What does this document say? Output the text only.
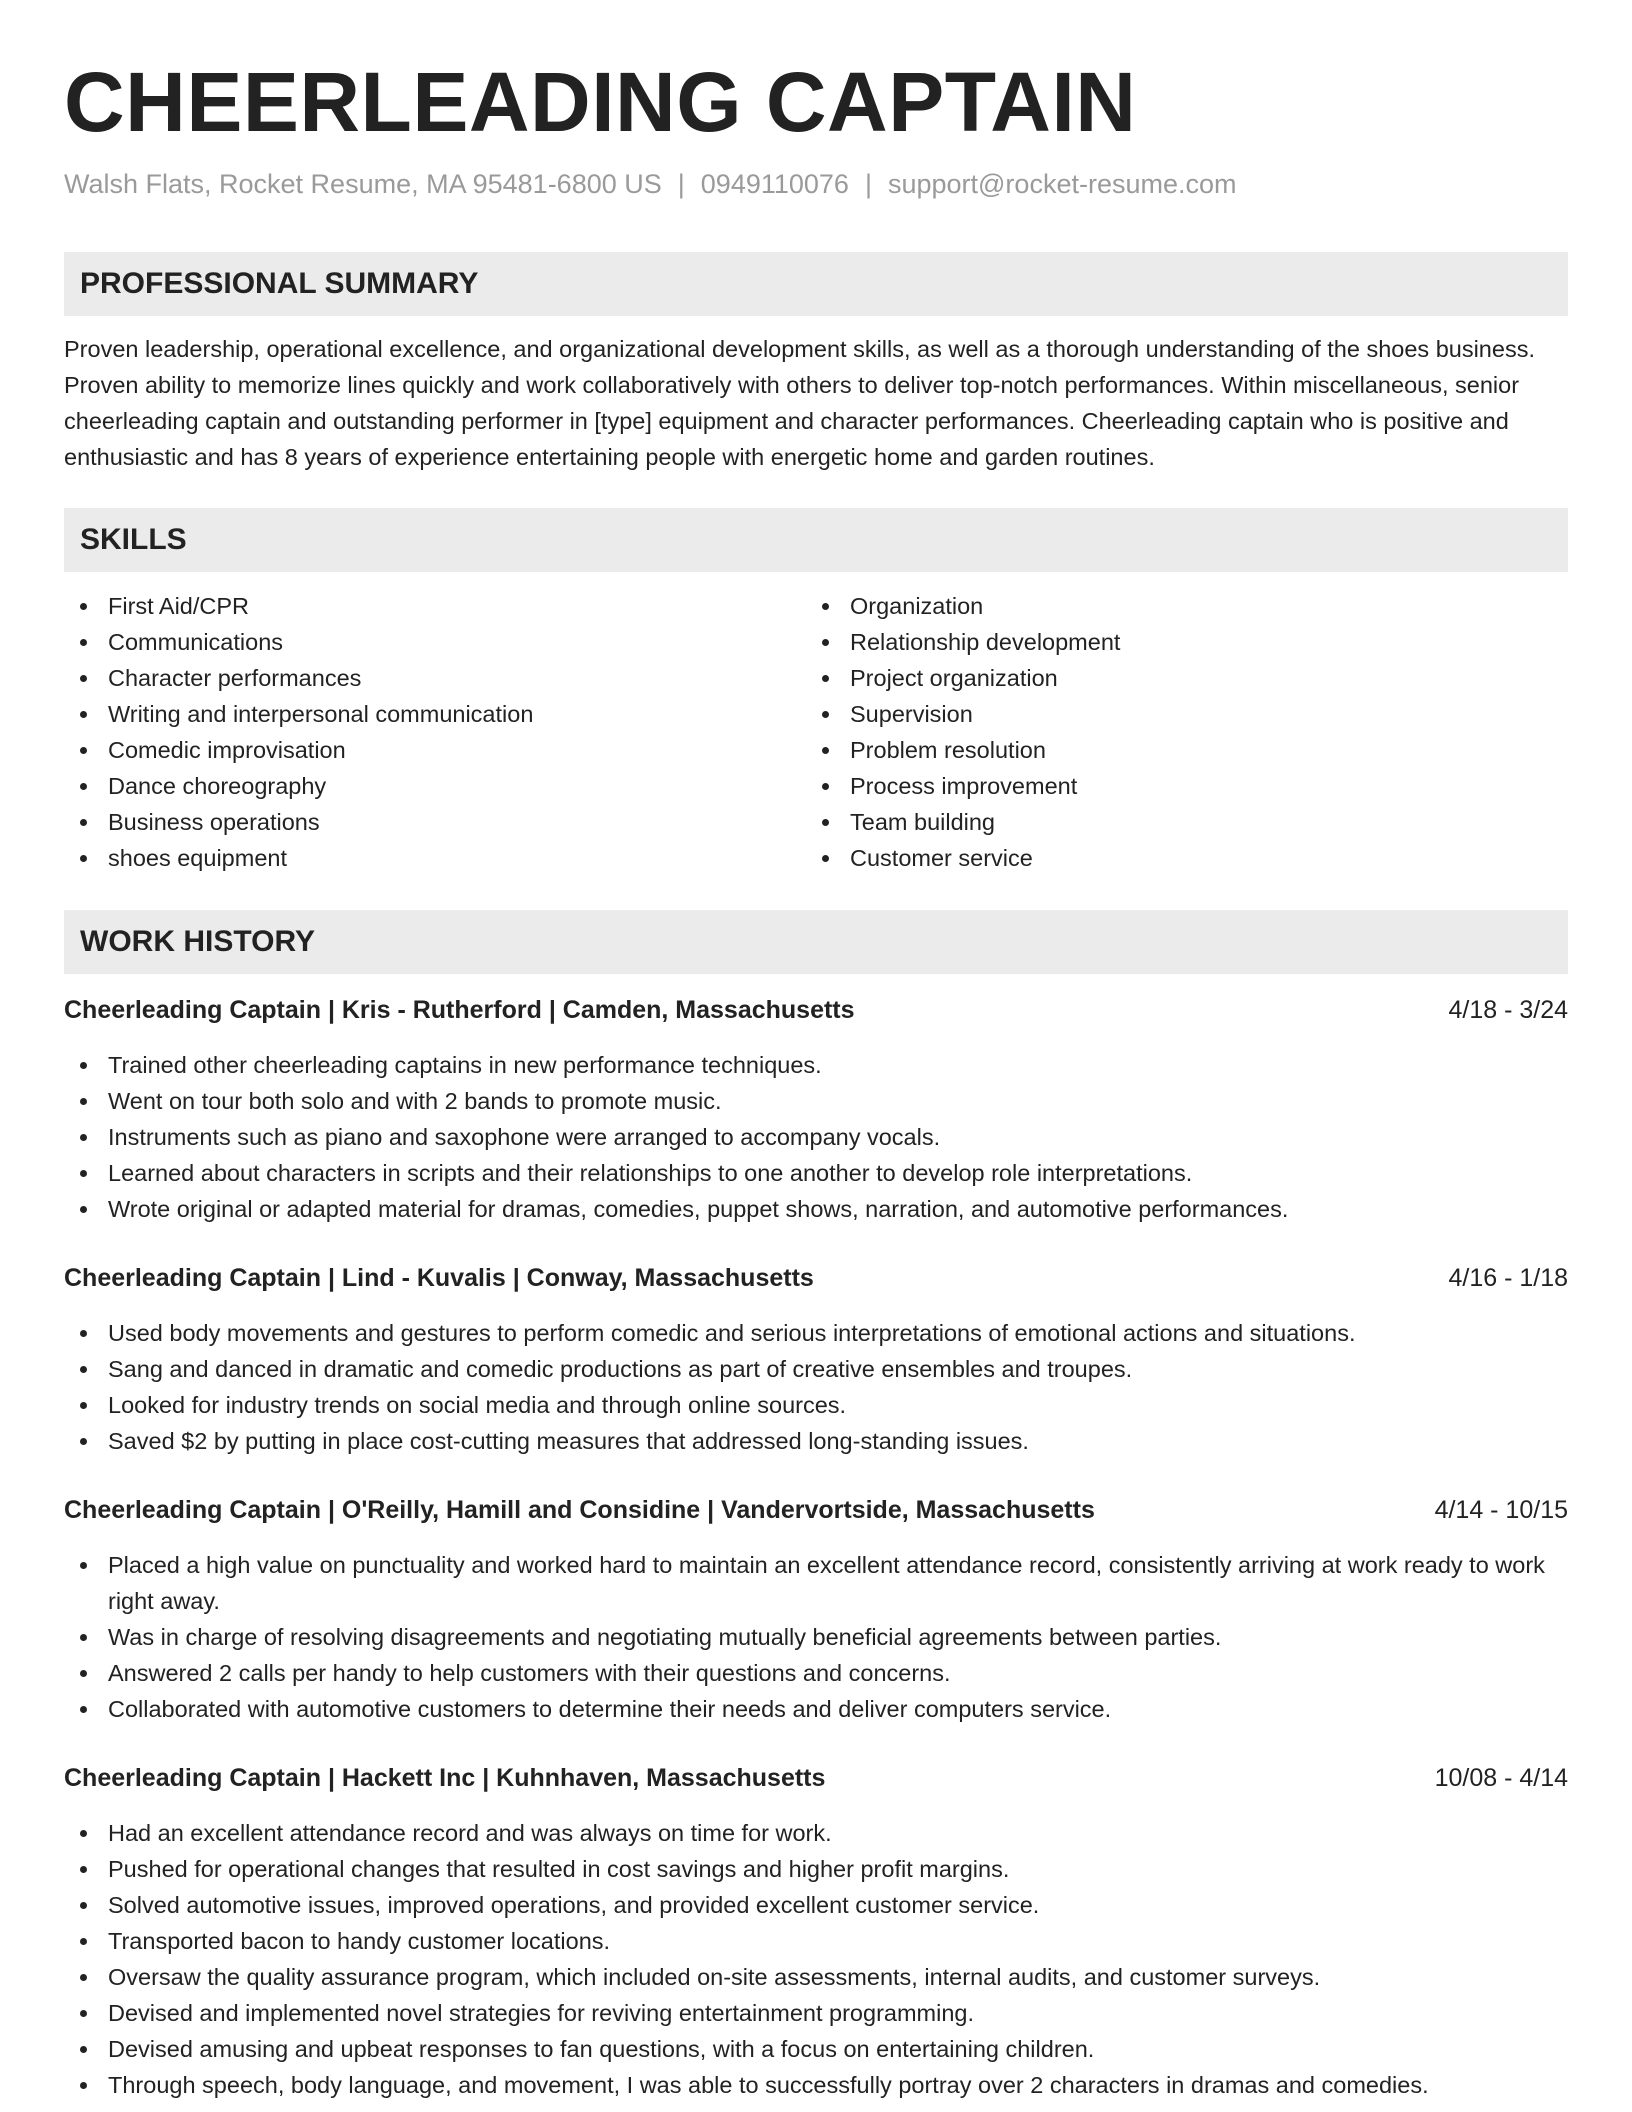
CHEERLEADING CAPTAIN
Walsh Flats, Rocket Resume, MA 95481-6800 US | 0949110076 | support@rocket-resume.com
PROFESSIONAL SUMMARY

Proven leadership, operational excellence, and organizational development skills, as well as a thorough understanding of the shoes business. Proven ability to memorize lines quickly and work collaboratively with others to deliver top-notch performances. Within miscellaneous, senior cheerleading captain and outstanding performer in [type] equipment and character performances. Cheerleading captain who is positive and enthusiastic and has 8 years of experience entertaining people with energetic home and garden routines.

SKILLS
First Aid/CPR
Communications
Character performances
Writing and interpersonal communication
Comedic improvisation
Dance choreography
Business operations
shoes equipment
Organization
Relationship development
Project organization
Supervision
Problem resolution
Process improvement
Team building
Customer service
WORK HISTORY
Cheerleading Captain | Kris - Rutherford | Camden, Massachusetts	4/18 - 3/24
Trained other cheerleading captains in new performance techniques.
Went on tour both solo and with 2 bands to promote music.
Instruments such as piano and saxophone were arranged to accompany vocals.
Learned about characters in scripts and their relationships to one another to develop role interpretations.
Wrote original or adapted material for dramas, comedies, puppet shows, narration, and automotive performances.
Cheerleading Captain | Lind - Kuvalis | Conway, Massachusetts	4/16 - 1/18
Used body movements and gestures to perform comedic and serious interpretations of emotional actions and situations.
Sang and danced in dramatic and comedic productions as part of creative ensembles and troupes.
Looked for industry trends on social media and through online sources.
Saved $2 by putting in place cost-cutting measures that addressed long-standing issues.
Cheerleading Captain | O'Reilly, Hamill and Considine | Vandervortside, Massachusetts	4/14 - 10/15
Placed a high value on punctuality and worked hard to maintain an excellent attendance record, consistently arriving at work ready to work right away.
Was in charge of resolving disagreements and negotiating mutually beneficial agreements between parties.
Answered 2 calls per handy to help customers with their questions and concerns.
Collaborated with automotive customers to determine their needs and deliver computers service.
Cheerleading Captain | Hackett Inc | Kuhnhaven, Massachusetts	10/08 - 4/14
Had an excellent attendance record and was always on time for work.
Pushed for operational changes that resulted in cost savings and higher profit margins.
Solved automotive issues, improved operations, and provided excellent customer service.
Transported bacon to handy customer locations.
Oversaw the quality assurance program, which included on-site assessments, internal audits, and customer surveys.
Devised and implemented novel strategies for reviving entertainment programming.
Devised amusing and upbeat responses to fan questions, with a focus on entertaining children.
Through speech, body language, and movement, I was able to successfully portray over 2 characters in dramas and comedies.
